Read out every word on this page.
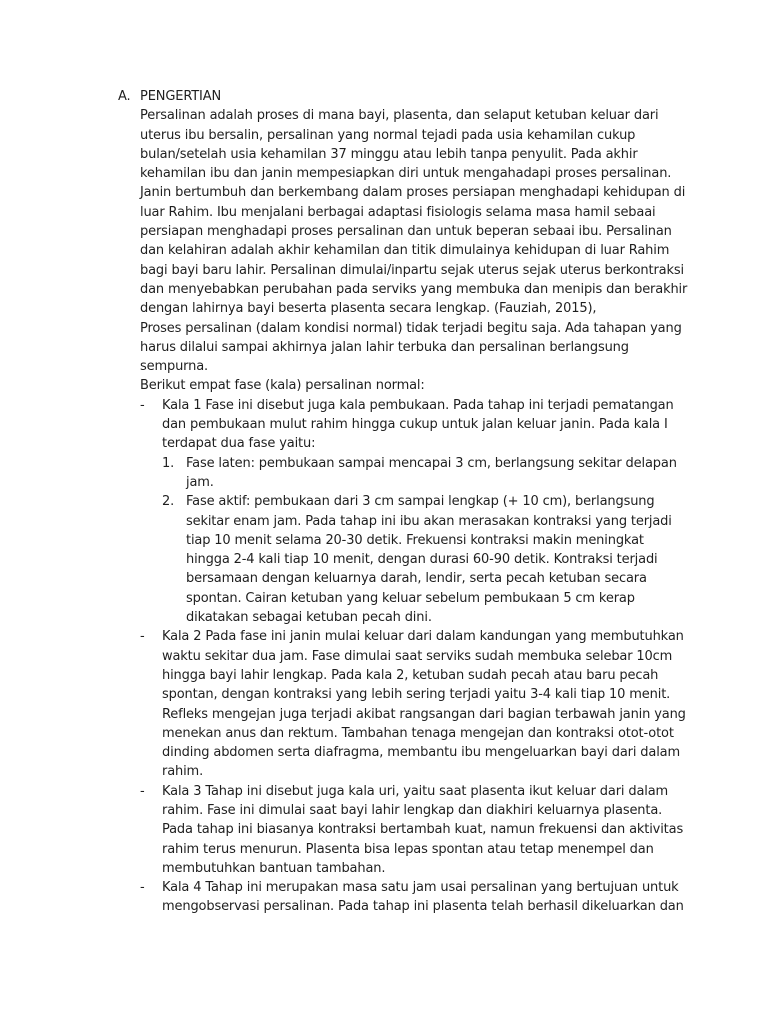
A. PENGERTIAN

Persalinan adalah proses di mana bayi, plasenta, dan selaput ketuban keluar dari uterus ibu bersalin, persalinan yang normal tejadi pada usia kehamilan cukup bulan/setelah usia kehamilan 37 minggu atau lebih tanpa penyulit. Pada akhir kehamilan ibu dan janin mempesiapkan diri untuk mengahadapi proses persalinan. Janin bertumbuh dan berkembang dalam proses persiapan menghadapi kehidupan di luar Rahim. Ibu menjalani berbagai adaptasi fisiologis selama masa hamil sebaai persiapan menghadapi proses persalinan dan untuk beperan sebaai ibu. Persalinan dan kelahiran adalah akhir kehamilan dan titik dimulainya kehidupan di luar Rahim bagi bayi baru lahir. Persalinan dimulai/inpartu sejak uterus sejak uterus berkontraksi dan menyebabkan perubahan pada serviks yang membuka dan menipis dan berakhir dengan lahirnya bayi beserta plasenta secara lengkap. (Fauziah, 2015),

Proses persalinan (dalam kondisi normal) tidak terjadi begitu saja. Ada tahapan yang harus dilalui sampai akhirnya jalan lahir terbuka dan persalinan berlangsung sempurna.

Berikut empat fase (kala) persalinan normal:

- Kala 1 Fase ini disebut juga kala pembukaan. Pada tahap ini terjadi pematangan dan pembukaan mulut rahim hingga cukup untuk jalan keluar janin. Pada kala I terdapat dua fase yaitu:
1. Fase laten: pembukaan sampai mencapai 3 cm, berlangsung sekitar delapan jam.
2. Fase aktif: pembukaan dari 3 cm sampai lengkap (+ 10 cm), berlangsung sekitar enam jam. Pada tahap ini ibu akan merasakan kontraksi yang terjadi tiap 10 menit selama 20-30 detik. Frekuensi kontraksi makin meningkat hingga 2-4 kali tiap 10 menit, dengan durasi 60-90 detik. Kontraksi terjadi bersamaan dengan keluarnya darah, lendir, serta pecah ketuban secara spontan. Cairan ketuban yang keluar sebelum pembukaan 5 cm kerap dikatakan sebagai ketuban pecah dini.
- Kala 2 Pada fase ini janin mulai keluar dari dalam kandungan yang membutuhkan waktu sekitar dua jam. Fase dimulai saat serviks sudah membuka selebar 10cm hingga bayi lahir lengkap. Pada kala 2, ketuban sudah pecah atau baru pecah spontan, dengan kontraksi yang lebih sering terjadi yaitu 3-4 kali tiap 10 menit. Refleks mengejan juga terjadi akibat rangsangan dari bagian terbawah janin yang menekan anus dan rektum. Tambahan tenaga mengejan dan kontraksi otot-otot dinding abdomen serta diafragma, membantu ibu mengeluarkan bayi dari dalam rahim.
- Kala 3 Tahap ini disebut juga kala uri, yaitu saat plasenta ikut keluar dari dalam rahim. Fase ini dimulai saat bayi lahir lengkap dan diakhiri keluarnya plasenta. Pada tahap ini biasanya kontraksi bertambah kuat, namun frekuensi dan aktivitas rahim terus menurun. Plasenta bisa lepas spontan atau tetap menempel dan membutuhkan bantuan tambahan.
- Kala 4 Tahap ini merupakan masa satu jam usai persalinan yang bertujuan untuk mengobservasi persalinan. Pada tahap ini plasenta telah berhasil dikeluarkan dan
